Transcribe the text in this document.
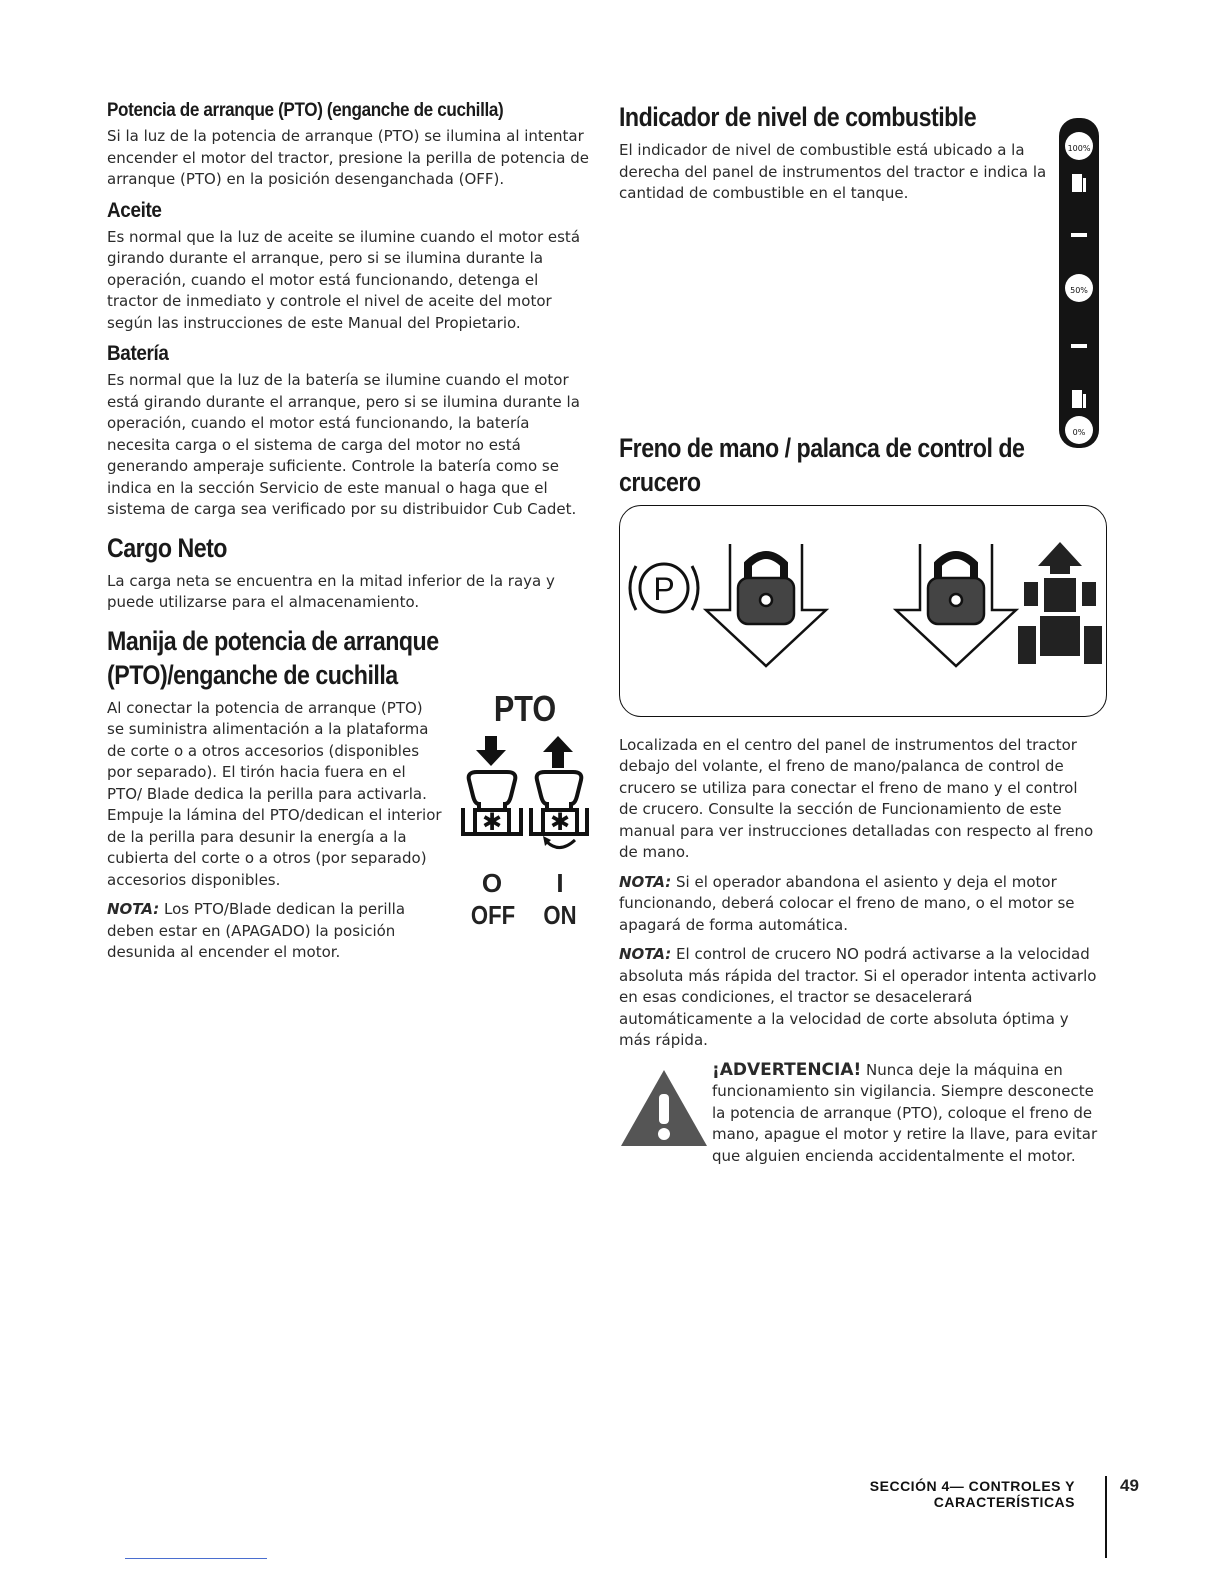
Potencia de arranque (PTO) (enganche de cuchilla)

Si la luz de la potencia de arranque (PTO) se ilumina al intentar encender el motor del tractor, presione la perilla de potencia de arranque (PTO) en la posición desenganchada (OFF).

Aceite

Es normal que la luz de aceite se ilumine cuando el motor está girando durante el arranque, pero si se ilumina durante la operación, cuando el motor está funcionando, detenga el tractor de inmediato y controle el nivel de aceite del motor según las instrucciones de este Manual del Propietario.

Batería

Es normal que la luz de la batería se ilumine cuando el motor está girando durante el arranque, pero si se ilumina durante la operación, cuando el motor está funcionando, la batería necesita carga o el sistema de carga del motor no está generando amperaje suficiente. Controle la batería como se indica en la sección Servicio de este manual o haga que el sistema de carga sea verificado por su distribuidor Cub Cadet.

Cargo Neto

La carga neta se encuentra en la mitad inferior de la raya y puede utilizarse para el almacenamiento.

Manija de potencia de arranque (PTO)/enganche de cuchilla

Al conectar la potencia de arranque (PTO) se suministra alimentación a la plataforma de corte o a otros accesorios (disponibles por separado). El tirón hacia fuera en el PTO/ Blade dedica la perilla para activarla. Empuje la lámina del PTO/dedican el interior de la perilla para desunir la energía a la cubierta del corte o a otros (por separado) accesorios disponibles.

NOTA: Los PTO/Blade dedican la perilla deben estar en (APAGADO) la posición desunida al encender el motor.

PTO
✱ ✱
O	I
OFF ON
Indicador de nivel de combustible

El indicador de nivel de combustible está ubicado a la derecha del panel de instrumentos del tractor e indica la cantidad de combustible en el tanque.

100%
50%
0%
Freno de mano / palanca de control de crucero
P

Localizada en el centro del panel de instrumentos del tractor debajo del volante, el freno de mano/palanca de control de crucero se utiliza para conectar el freno de mano y el control de crucero. Consulte la sección de Funcionamiento de este manual para ver instrucciones detalladas con respecto al freno de mano.

NOTA: Si el operador abandona el asiento y deja el motor funcionando, deberá colocar el freno de mano, o el motor se apagará de forma automática.

NOTA: El control de crucero NO podrá activarse a la velocidad absoluta más rápida del tractor. Si el operador intenta activarlo en esas condiciones, el tractor se desacelerará automáticamente a la velocidad de corte absoluta óptima y más rápida.

¡ADVERTENCIA! Nunca deje la máquina en funcionamiento sin vigilancia. Siempre desconecte la potencia de arranque (PTO), coloque el freno de mano, apague el motor y retire la llave, para evitar que alguien encienda accidentalmente el motor.

SECCIÓN 4— CONTROLES Y CARACTERÍSTICAS
49
